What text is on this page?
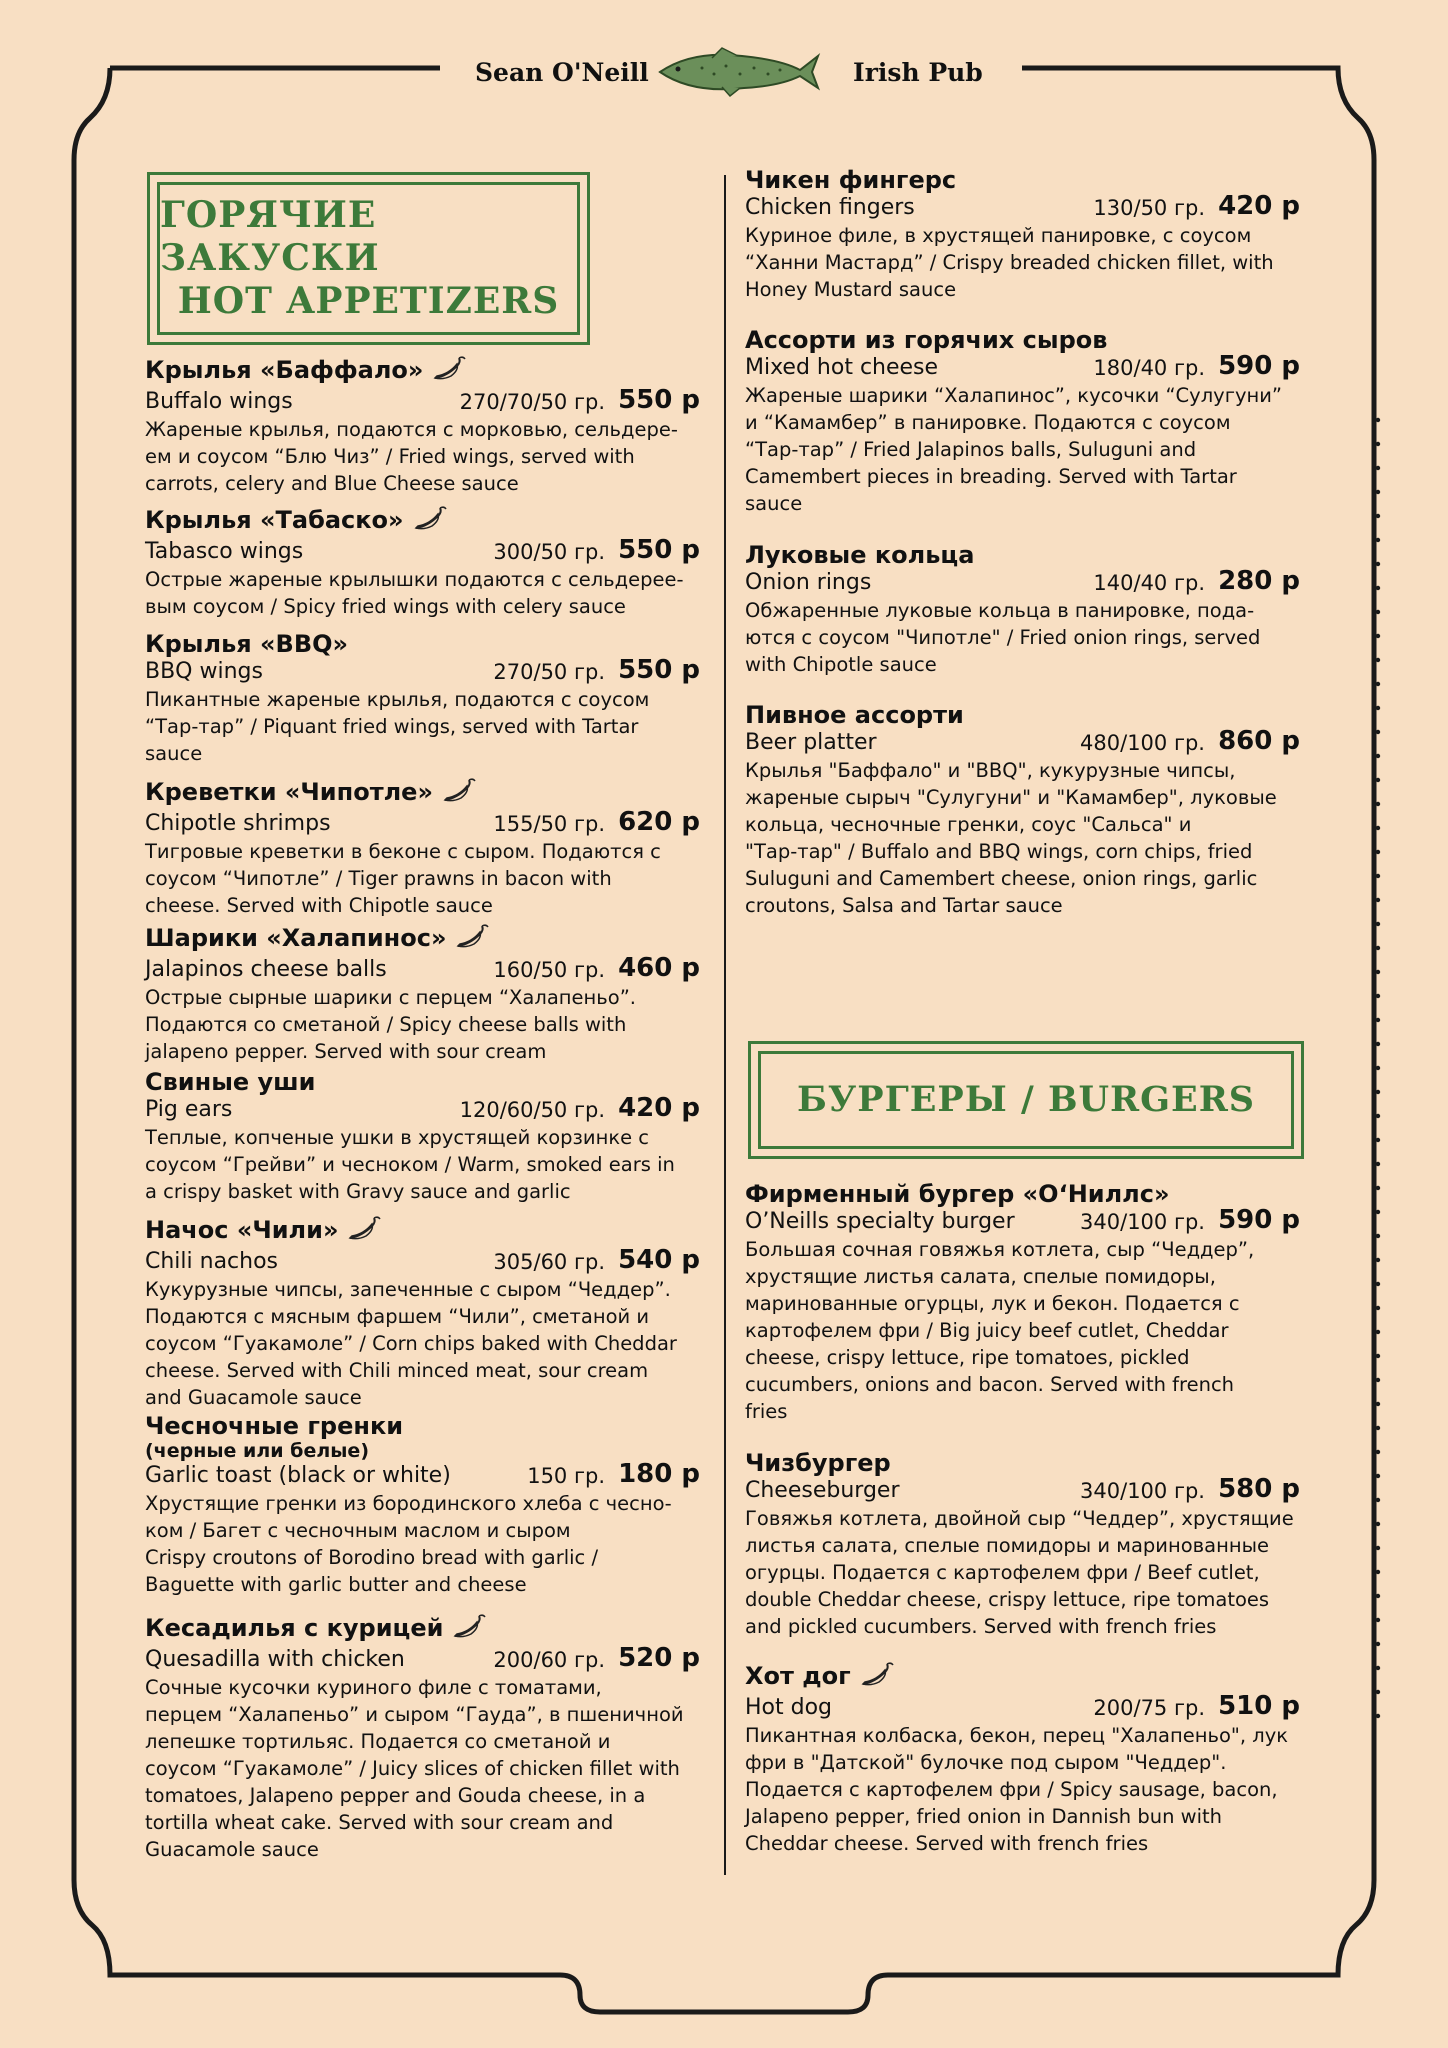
Sean O'Neill	Irish Pub
ГОРЯЧИЕ ЗАКУСКИ
HOT APPETIZERS
БУРГЕРЫ / BURGERS
Крылья «Баффало»
Buffalo wings	270/70/50 гр. 550 р
Жареные крылья, подаются с морковью, сельдере-
ем и соусом “Блю Чиз” / Fried wings, served with
carrots, celery and Blue Cheese sauce
Крылья «Табаско»
Tabasco wings	300/50 гр. 550 р
Острые жареные крылышки подаются с сельдерее-
вым соусом / Spicy fried wings with celery sauce
Крылья «BBQ»
BBQ wings	270/50 гр. 550 р
Пикантные жареные крылья, подаются с соусом
“Тар-тар” / Piquant fried wings, served with Tartar
sauce
Креветки «Чипотле»
Chipotle shrimps	155/50 гр. 620 р
Тигровые креветки в беконе с сыром. Подаются с
соусом “Чипотле” / Tiger prawns in bacon with
cheese. Served with Chipotle sauce
Шарики «Халапинос»
Jalapinos cheese balls	160/50 гр. 460 р
Острые сырные шарики с перцем “Халапеньо”.
Подаются со сметаной / Spicy cheese balls with
jalapeno pepper. Served with sour cream
Свиные уши
Pig ears	120/60/50 гр. 420 р
Теплые, копченые ушки в хрустящей корзинке с
соусом “Грейви” и чесноком / Warm, smoked ears in
a crispy basket with Gravy sauce and garlic
Начос «Чили»
Chili nachos	305/60 гр. 540 р
Кукурузные чипсы, запеченные с сыром “Чеддер”.
Подаются с мясным фаршем “Чили”, сметаной и
соусом “Гуакамоле” / Corn chips baked with Cheddar
cheese. Served with Chili minced meat, sour cream
and Guacamole sauce
Чесночные гренки
(черные или белые)
Garlic toast (black or white)	150 гр. 180 р
Хрустящие гренки из бородинского хлеба с чесно-
ком / Багет с чесночным маслом и сыром
Crispy croutons of Borodino bread with garlic /
Baguette with garlic butter and cheese
Кесадилья с курицей
Quesadilla with chicken	200/60 гр. 520 р
Сочные кусочки куриного филе с томатами,
перцем “Халапеньо” и сыром “Гауда”, в пшеничной
лепешке тортильяс. Подается со сметаной и
соусом “Гуакамоле” / Juicy slices of chicken fillet with
tomatoes, Jalapeno pepper and Gouda cheese, in a
tortilla wheat cake. Served with sour cream and
Guacamole sauce
Чикен фингерс
Chicken fingers	130/50 гр. 420 р
Куриное филе, в хрустящей панировке, с соусом
“Ханни Мастард” / Crispy breaded chicken fillet, with
Honey Mustard sauce
Ассорти из горячих сыров
Mixed hot cheese	180/40 гр. 590 р
Жареные шарики “Халапинос”, кусочки “Сулугуни”
и “Камамбер” в панировке. Подаются с соусом
“Тар-тар” / Fried Jalapinos balls, Suluguni and
Camembert pieces in breading. Served with Tartar
sauce
Луковые кольца
Onion rings	140/40 гр. 280 р
Обжаренные луковые кольца в панировке, пода-
ются с соусом "Чипотле" / Fried onion rings, served
with Chipotle sauce
Пивное ассорти
Beer platter	480/100 гр. 860 р
Крылья "Баффало" и "BBQ", кукурузные чипсы,
жареные сырыч "Сулугуни" и "Камамбер", луковые
кольца, чесночные гренки, соус "Сальса" и
"Тар-тар" / Buffalo and BBQ wings, corn chips, fried
Suluguni and Camembert cheese, onion rings, garlic
croutons, Salsa and Tartar sauce
Фирменный бургер «О‘Ниллс»
O’Neills specialty burger	340/100 гр. 590 р
Большая сочная говяжья котлета, сыр “Чеддер”,
хрустящие листья салата, спелые помидоры,
маринованные огурцы, лук и бекон. Подается с
картофелем фри / Big juicy beef cutlet, Cheddar
cheese, crispy lettuce, ripe tomatoes, pickled
cucumbers, onions and bacon. Served with french
fries
Чизбургер
Cheeseburger	340/100 гр. 580 р
Говяжья котлета, двойной сыр “Чеддер”, хрустящие
листья салата, спелые помидоры и маринованные
огурцы. Подается с картофелем фри / Beef cutlet,
double Cheddar cheese, crispy lettuce, ripe tomatoes
and pickled cucumbers. Served with french fries
Хот дог
Hot dog	200/75 гр. 510 р
Пикантная колбаска, бекон, перец "Халапеньо", лук
фри в "Датской" булочке под сыром "Чеддер".
Подается с картофелем фри / Spicy sausage, bacon,
Jalapeno pepper, fried onion in Dannish bun with
Cheddar cheese. Served with french fries
